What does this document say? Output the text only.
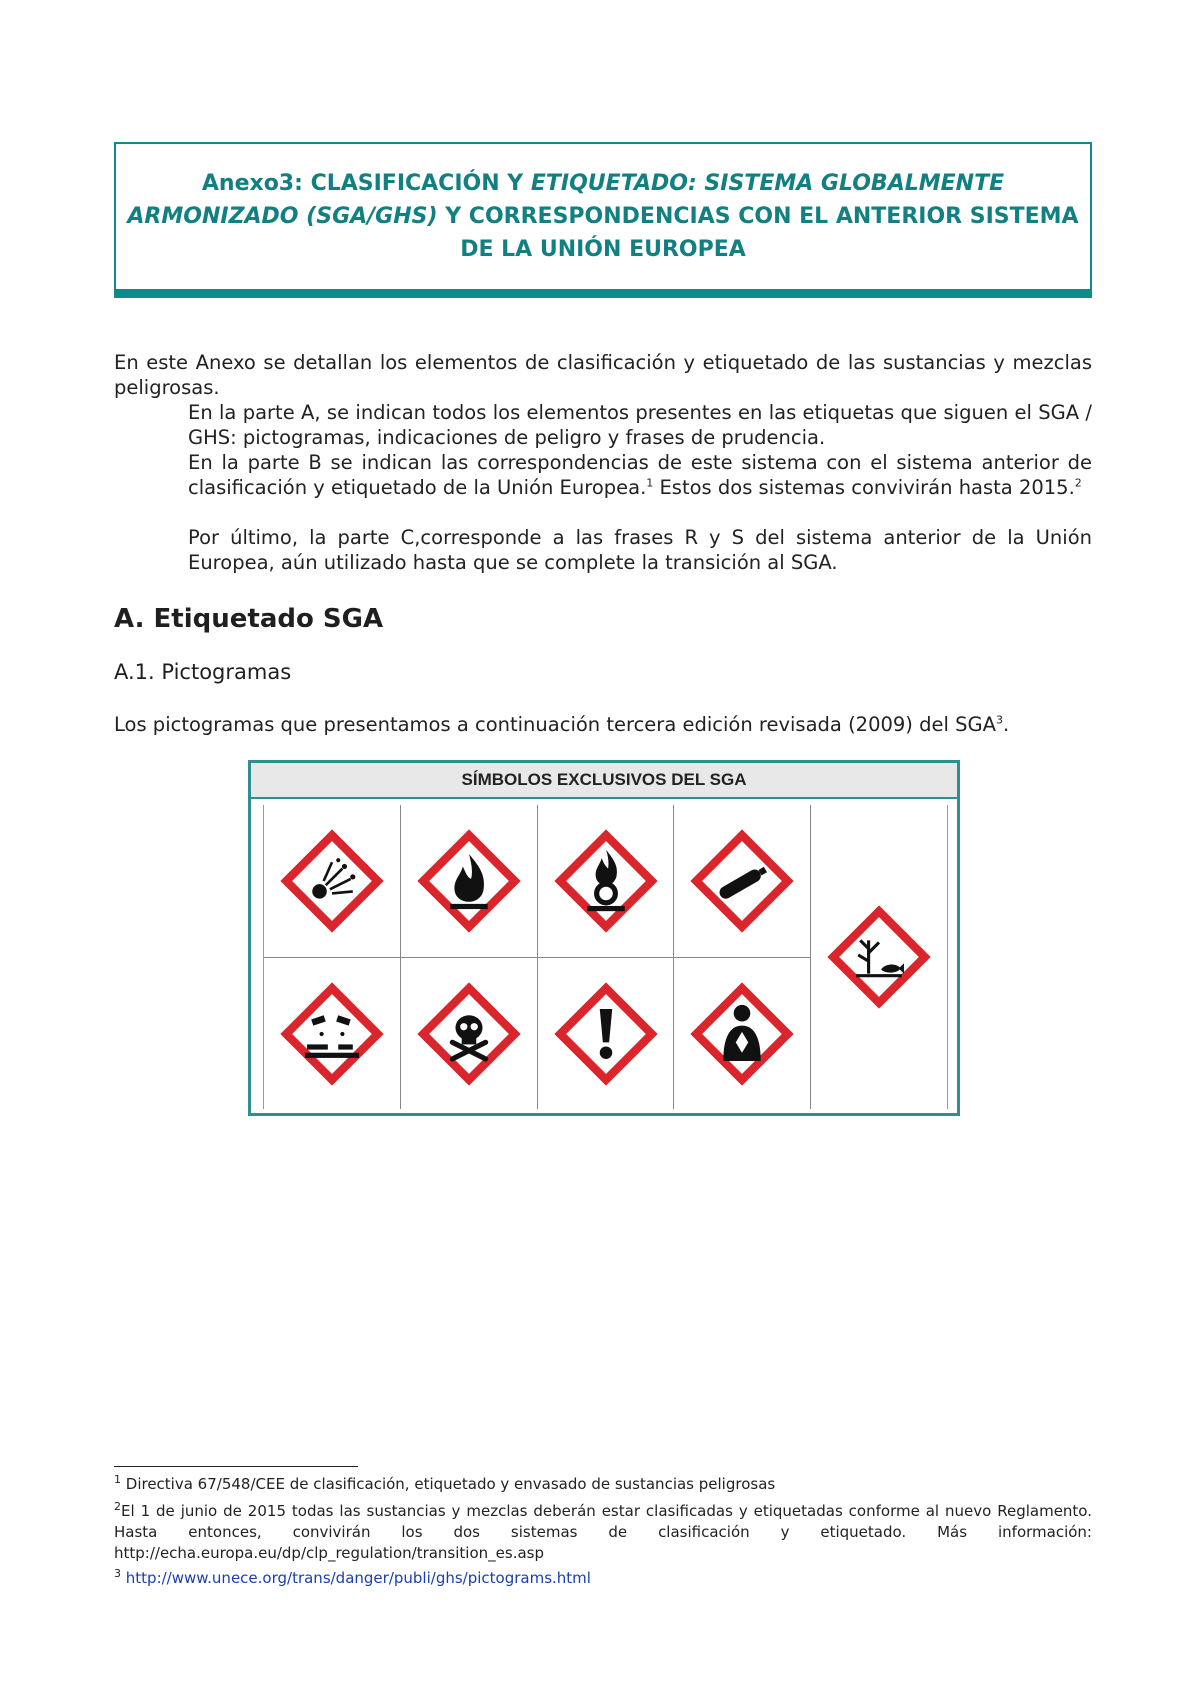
Anexo3: CLASIFICACIÓN Y ETIQUETADO: SISTEMA GLOBALMENTE ARMONIZADO (SGA/GHS) Y CORRESPONDENCIAS CON EL ANTERIOR SISTEMA DE LA UNIÓN EUROPEA
En este Anexo se detallan los elementos de clasificación y etiquetado de las sustancias y mezclas peligrosas.
En la parte A, se indican todos los elementos presentes en las etiquetas que siguen el SGA / GHS: pictogramas, indicaciones de peligro y frases de prudencia.
En la parte B se indican las correspondencias de este sistema con el sistema anterior de clasificación y etiquetado de la Unión Europea.$^1$ Estos dos sistemas convivirán hasta 2015.$^2$
Por último, la parte C,corresponde a las frases R y S del sistema anterior de la Unión Europea, aún utilizado hasta que se complete la transición al SGA.
A. Etiquetado SGA
A.1. Pictogramas
Los pictogramas que presentamos a continuación tercera edición revisada (2009) del SGA$^3$.
SÍMBOLOS EXCLUSIVOS DEL SGA
$^1$ Directiva 67/548/CEE de clasificación, etiquetado y envasado de sustancias peligrosas
$^2$El 1 de junio de 2015 todas las sustancias y mezclas deberán estar clasificadas y etiquetadas conforme al nuevo Reglamento. Hasta entonces, convivirán los dos sistemas de clasificación y etiquetado. Más información: http://echa.europa.eu/dp/clp_regulation/transition_es.asp
$^3$ http://www.unece.org/trans/danger/publi/ghs/pictograms.html
